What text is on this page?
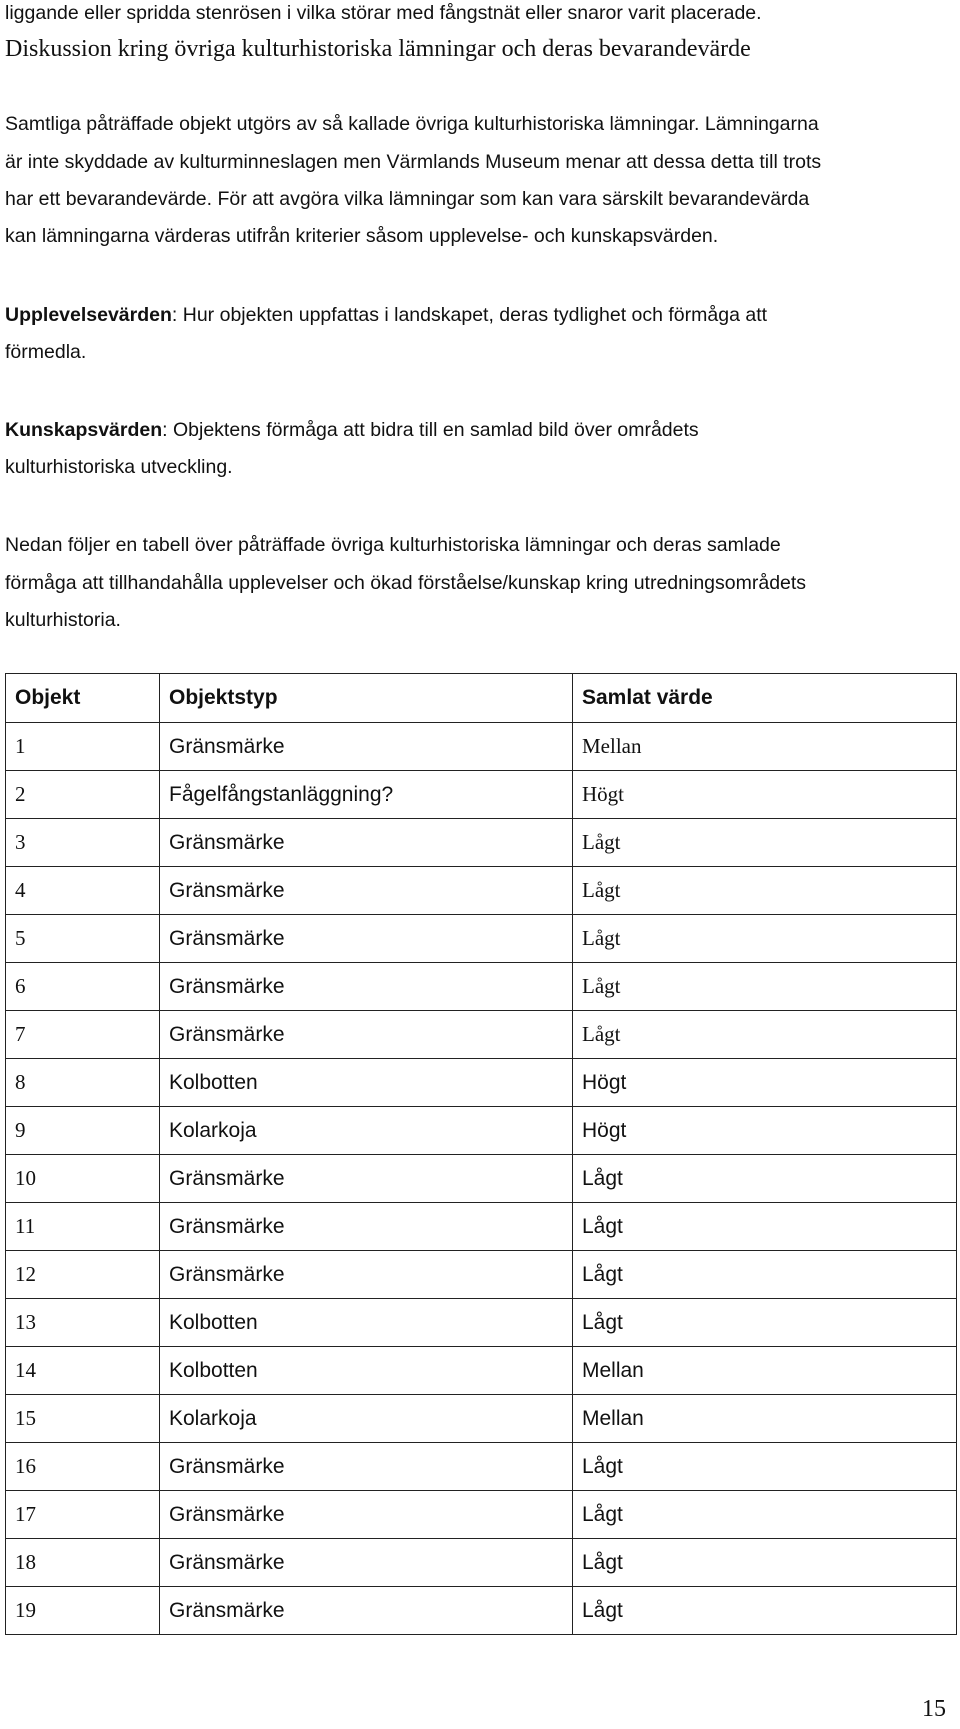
liggande eller spridda stenrösen i vilka störar med fångstnät eller snaror varit placerade.
Diskussion kring övriga kulturhistoriska lämningar och deras bevarandevärde
Samtliga påträffade objekt utgörs av så kallade övriga kulturhistoriska lämningar. Lämningarna
är inte skyddade av kulturminneslagen men Värmlands Museum menar att dessa detta till trots
har ett bevarandevärde. För att avgöra vilka lämningar som kan vara särskilt bevarandevärda
kan lämningarna värderas utifrån kriterier såsom upplevelse- och kunskapsvärden.
Upplevelsevärden: Hur objekten uppfattas i landskapet, deras tydlighet och förmåga att
förmedla.
Kunskapsvärden: Objektens förmåga att bidra till en samlad bild över områdets
kulturhistoriska utveckling.
Nedan följer en tabell över påträffade övriga kulturhistoriska lämningar och deras samlade
förmåga att tillhandahålla upplevelser och ökad förståelse/kunskap kring utredningsområdets
kulturhistoria.
Objekt	Objektstyp	Samlat värde
1	Gränsmärke	Mellan
2	Fågelfångstanläggning?	Högt
3	Gränsmärke	Lågt
4	Gränsmärke	Lågt
5	Gränsmärke	Lågt
6	Gränsmärke	Lågt
7	Gränsmärke	Lågt
8	Kolbotten	Högt
9	Kolarkoja	Högt
10	Gränsmärke	Lågt
11	Gränsmärke	Lågt
12	Gränsmärke	Lågt
13	Kolbotten	Lågt
14	Kolbotten	Mellan
15	Kolarkoja	Mellan
16	Gränsmärke	Lågt
17	Gränsmärke	Lågt
18	Gränsmärke	Lågt
19	Gränsmärke	Lågt
15
